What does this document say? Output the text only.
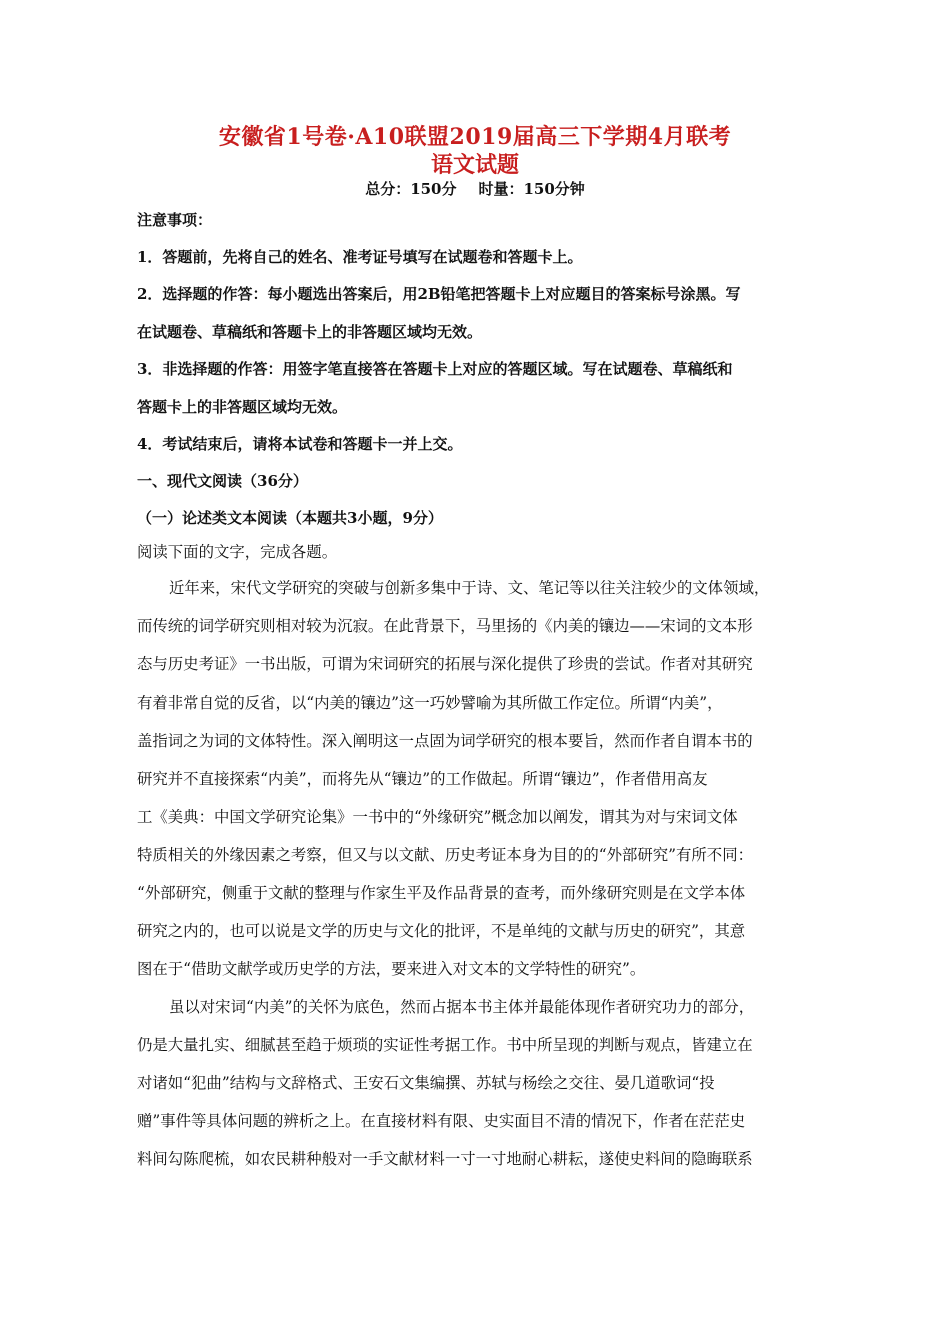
安徽省1号卷·A10联盟2019届高三下学期4月联考
语文试题
总分：150分 时量：150分钟
注意事项：
1．答题前，先将自己的姓名、准考证号填写在试题卷和答题卡上。
2．选择题的作答：每小题选出答案后，用2B铅笔把答题卡上对应题目的答案标号涂黑。写
在试题卷、草稿纸和答题卡上的非答题区域均无效。
3．非选择题的作答：用签字笔直接答在答题卡上对应的答题区域。写在试题卷、草稿纸和
答题卡上的非答题区域均无效。
4．考试结束后，请将本试卷和答题卡一并上交。
一、现代文阅读（36分）
（一）论述类文本阅读（本题共3小题，9分）
阅读下面的文字，完成各题。
近年来，宋代文学研究的突破与创新多集中于诗、文、笔记等以往关注较少的文体领域，
而传统的词学研究则相对较为沉寂。在此背景下，马里扬的《内美的镶边——宋词的文本形
态与历史考证》一书出版，可谓为宋词研究的拓展与深化提供了珍贵的尝试。作者对其研究
有着非常自觉的反省，以“内美的镶边”这一巧妙譬喻为其所做工作定位。所谓“内美”，
盖指词之为词的文体特性。深入阐明这一点固为词学研究的根本要旨，然而作者自谓本书的
研究并不直接探索“内美”，而将先从“镶边”的工作做起。所谓“镶边”，作者借用高友
工《美典：中国文学研究论集》一书中的“外缘研究”概念加以阐发，谓其为对与宋词文体
特质相关的外缘因素之考察，但又与以文献、历史考证本身为目的的“外部研究”有所不同：
“外部研究，侧重于文献的整理与作家生平及作品背景的查考，而外缘研究则是在文学本体
研究之内的，也可以说是文学的历史与文化的批评，不是单纯的文献与历史的研究”，其意
图在于“借助文献学或历史学的方法，要来进入对文本的文学特性的研究”。
虽以对宋词“内美”的关怀为底色，然而占据本书主体并最能体现作者研究功力的部分，
仍是大量扎实、细腻甚至趋于烦琐的实证性考据工作。书中所呈现的判断与观点，皆建立在
对诸如“犯曲”结构与文辞格式、王安石文集编撰、苏轼与杨绘之交往、晏几道歌词“投
赠”事件等具体问题的辨析之上。在直接材料有限、史实面目不清的情况下，作者在茫茫史
料间勾陈爬梳，如农民耕种般对一手文献材料一寸一寸地耐心耕耘，遂使史料间的隐晦联系
